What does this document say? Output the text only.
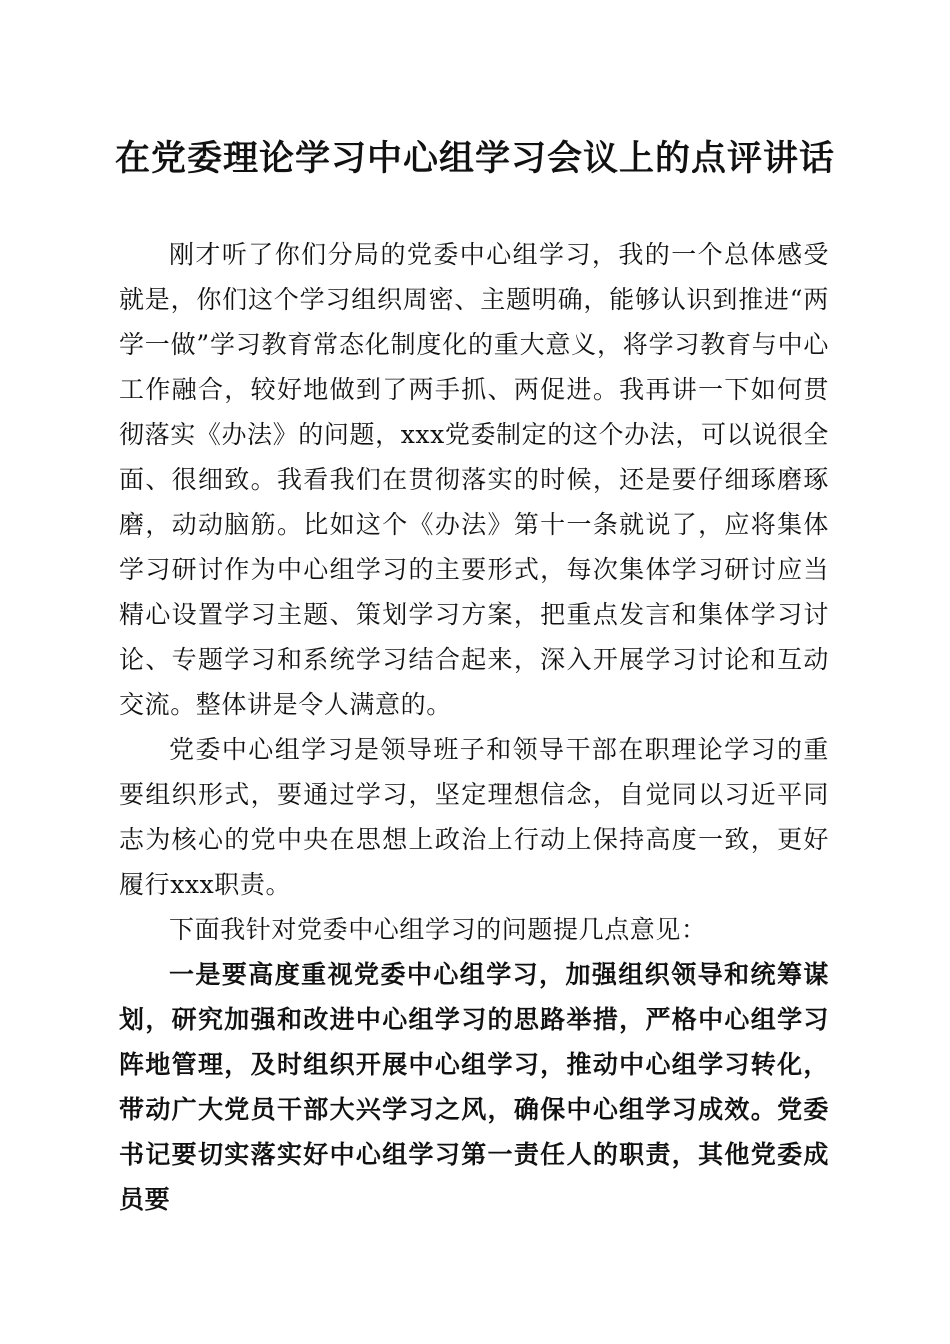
在党委理论学习中心组学习会议上的点评讲话

刚才听了你们分局的党委中心组学习，我的一个总体感受就是，你们这个学习组织周密、主题明确，能够认识到推进“两学一做”学习教育常态化制度化的重大意义，将学习教育与中心工作融合，较好地做到了两手抓、两促进。我再讲一下如何贯彻落实《办法》的问题，xxx党委制定的这个办法，可以说很全面、很细致。我看我们在贯彻落实的时候，还是要仔细琢磨琢磨，动动脑筋。比如这个《办法》第十一条就说了，应将集体学习研讨作为中心组学习的主要形式，每次集体学习研讨应当精心设置学习主题、策划学习方案，把重点发言和集体学习讨论、专题学习和系统学习结合起来，深入开展学习讨论和互动交流。整体讲是令人满意的。

党委中心组学习是领导班子和领导干部在职理论学习的重要组织形式，要通过学习，坚定理想信念，自觉同以习近平同志为核心的党中央在思想上政治上行动上保持高度一致，更好履行xxx职责。

下面我针对党委中心组学习的问题提几点意见：

一是要高度重视党委中心组学习，加强组织领导和统筹谋划，研究加强和改进中心组学习的思路举措，严格中心组学习阵地管理，及时组织开展中心组学习，推动中心组学习转化，带动广大党员干部大兴学习之风，确保中心组学习成效。党委书记要切实落实好中心组学习第一责任人的职责，其他党委成员要
